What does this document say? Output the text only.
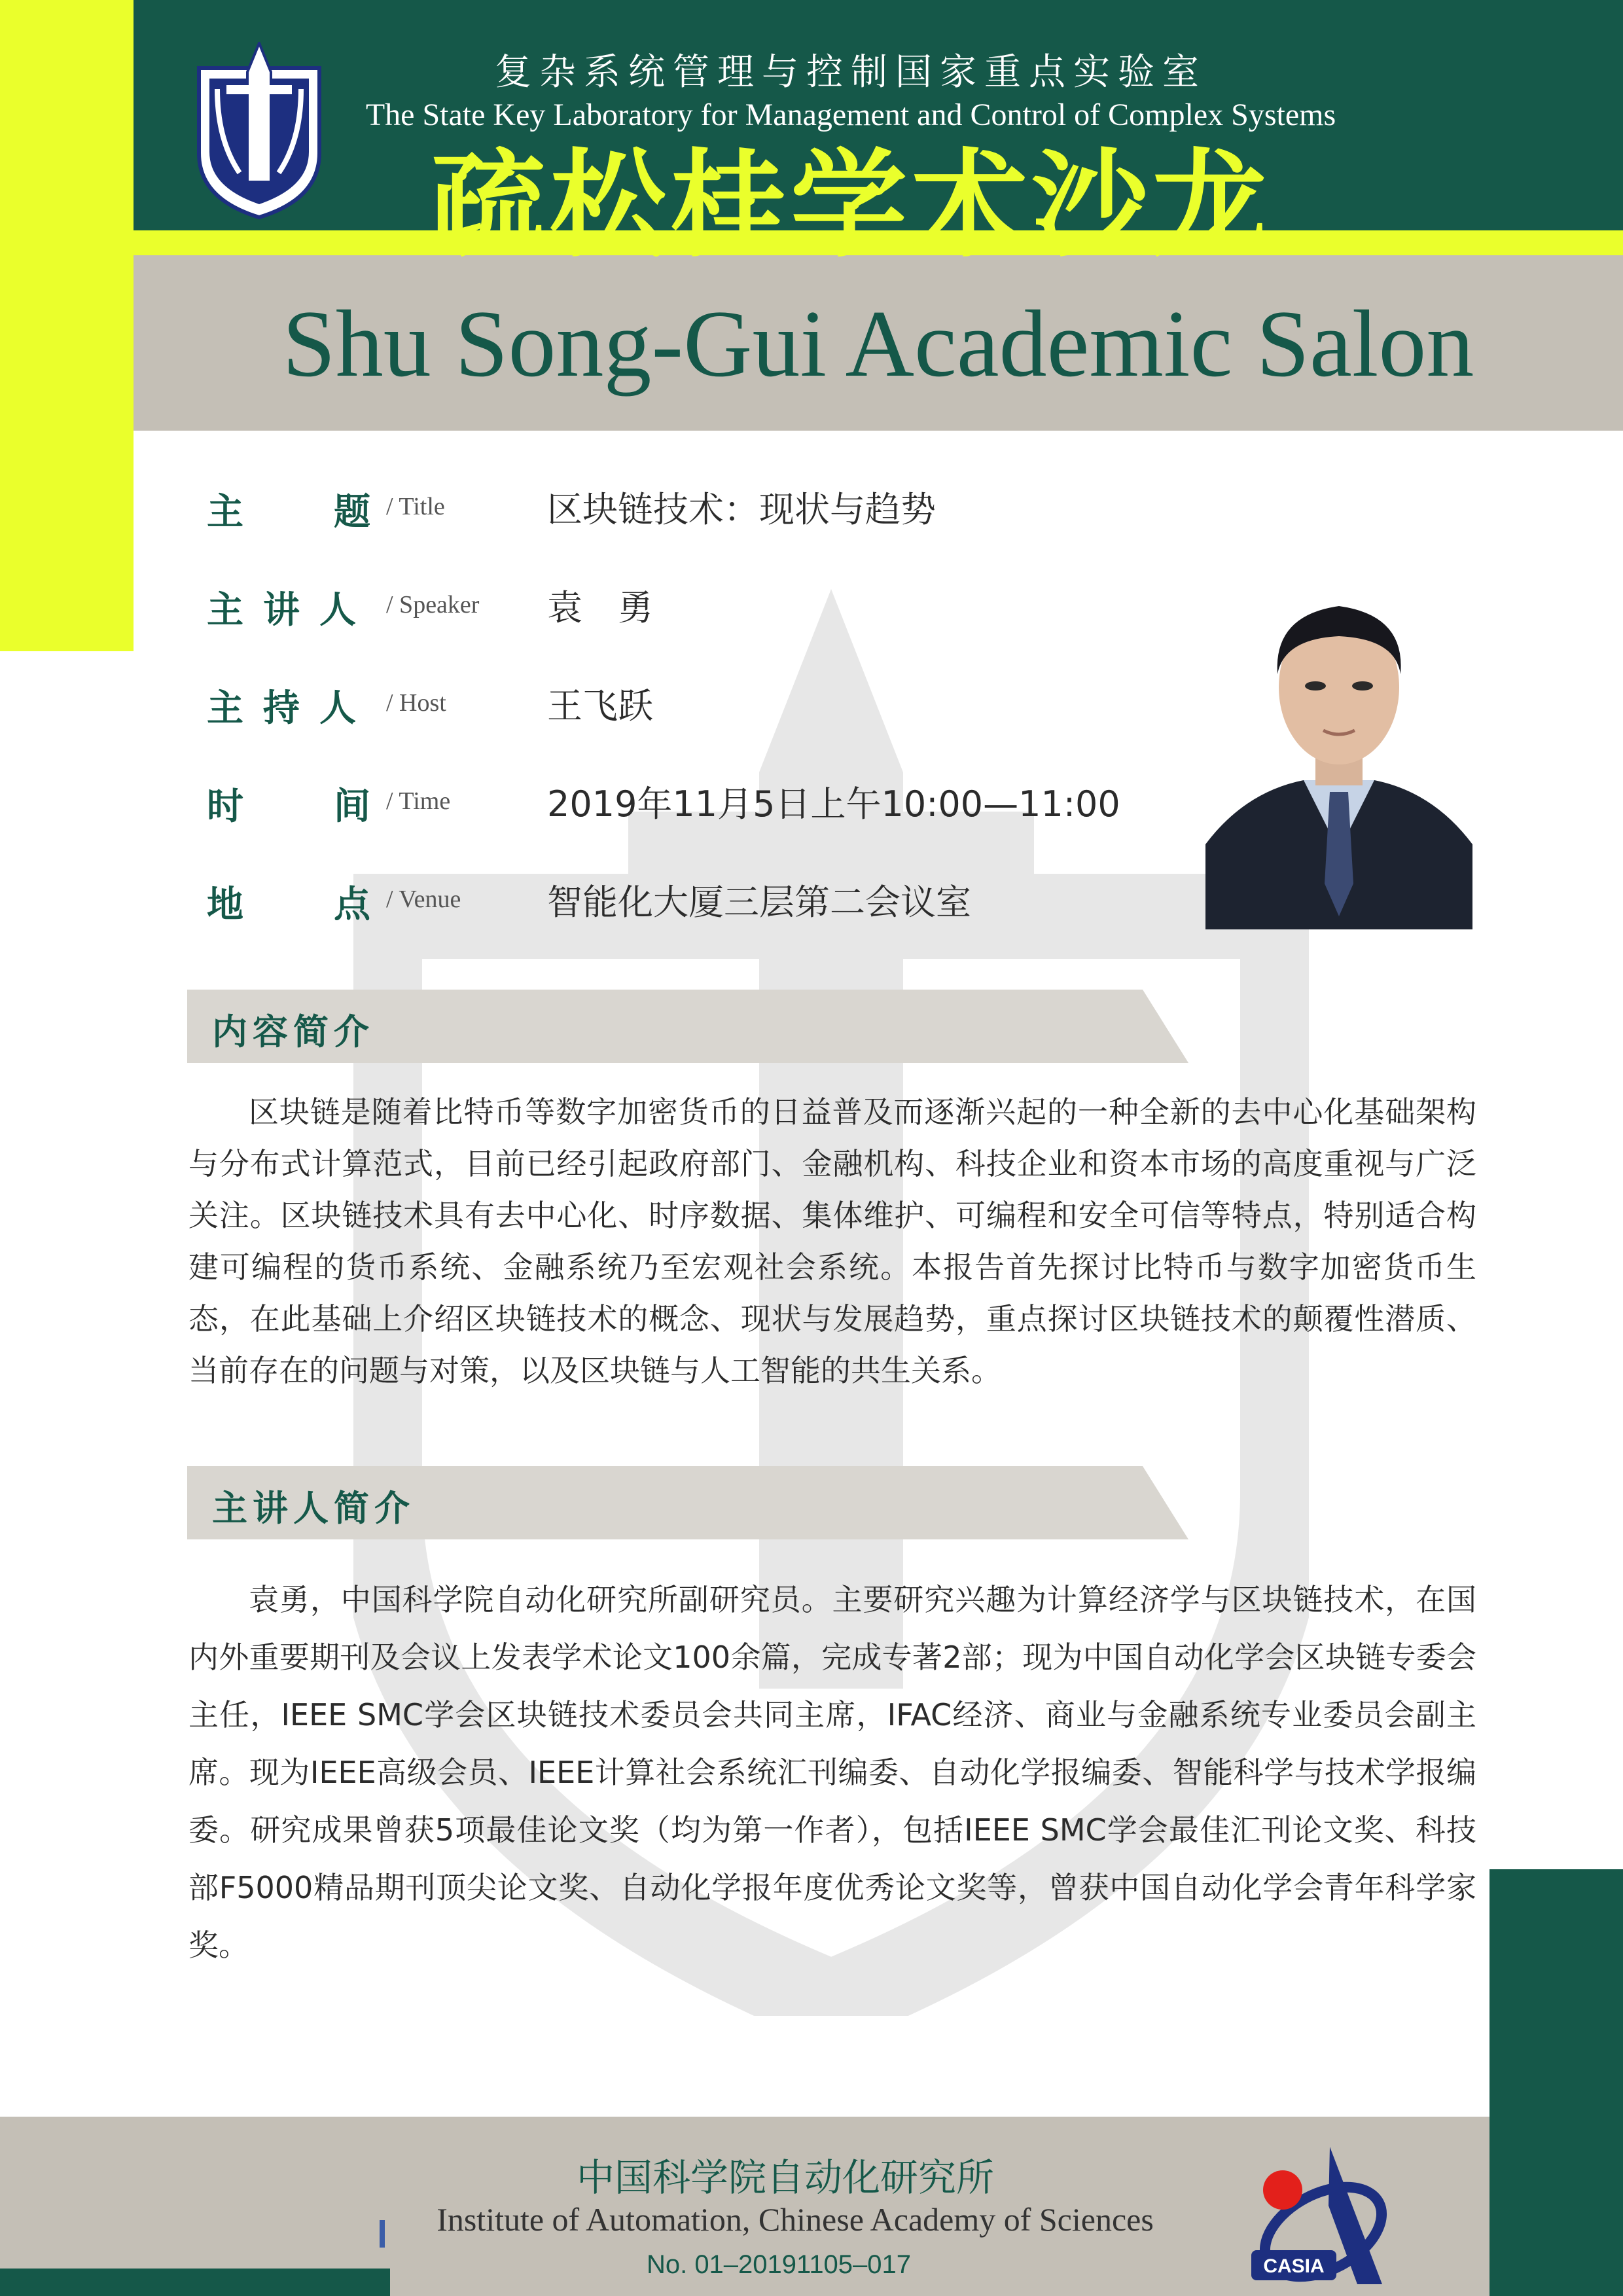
复杂系统管理与控制国家重点实验室
The State Key Laboratory for Management and Control of Complex Systems
疏松桂学术沙龙
Shu Song-Gui Academic Salon
主 题 / Title	区块链技术：现状与趋势
主讲人 / Speaker 袁　勇
主持人 / Host	王飞跃
时 间 / Time	2019年11月5日上午10:00—11:00
地 点 / Venue 智能化大厦三层第二会议室
内容简介
区块链是随着比特币等数字加密货币的日益普及而逐渐兴起的一种全新的去中心化基础架构与分布式计算范式，目前已经引起政府部门、金融机构、科技企业和资本市场的高度重视与广泛关注。区块链技术具有去中心化、时序数据、集体维护、可编程和安全可信等特点，特别适合构建可编程的货币系统、金融系统乃至宏观社会系统。本报告首先探讨比特币与数字加密货币生态，在此基础上介绍区块链技术的概念、现状与发展趋势，重点探讨区块链技术的颠覆性潜质、当前存在的问题与对策，以及区块链与人工智能的共生关系。
主讲人简介
袁勇，中国科学院自动化研究所副研究员。主要研究兴趣为计算经济学与区块链技术，在国内外重要期刊及会议上发表学术论文100余篇，完成专著2部；现为中国自动化学会区块链专委会主任，IEEE SMC学会区块链技术委员会共同主席，IFAC经济、商业与金融系统专业委员会副主席。现为IEEE高级会员、IEEE计算社会系统汇刊编委、自动化学报编委、智能科学与技术学报编委。研究成果曾获5项最佳论文奖（均为第一作者），包括IEEE SMC学会最佳汇刊论文奖、科技部F5000精品期刊顶尖论文奖、自动化学报年度优秀论文奖等，曾获中国自动化学会青年科学家奖。
中国科学院自动化研究所
Institute of Automation, Chinese Academy of Sciences
No. 01–20191105–017	CASIA
